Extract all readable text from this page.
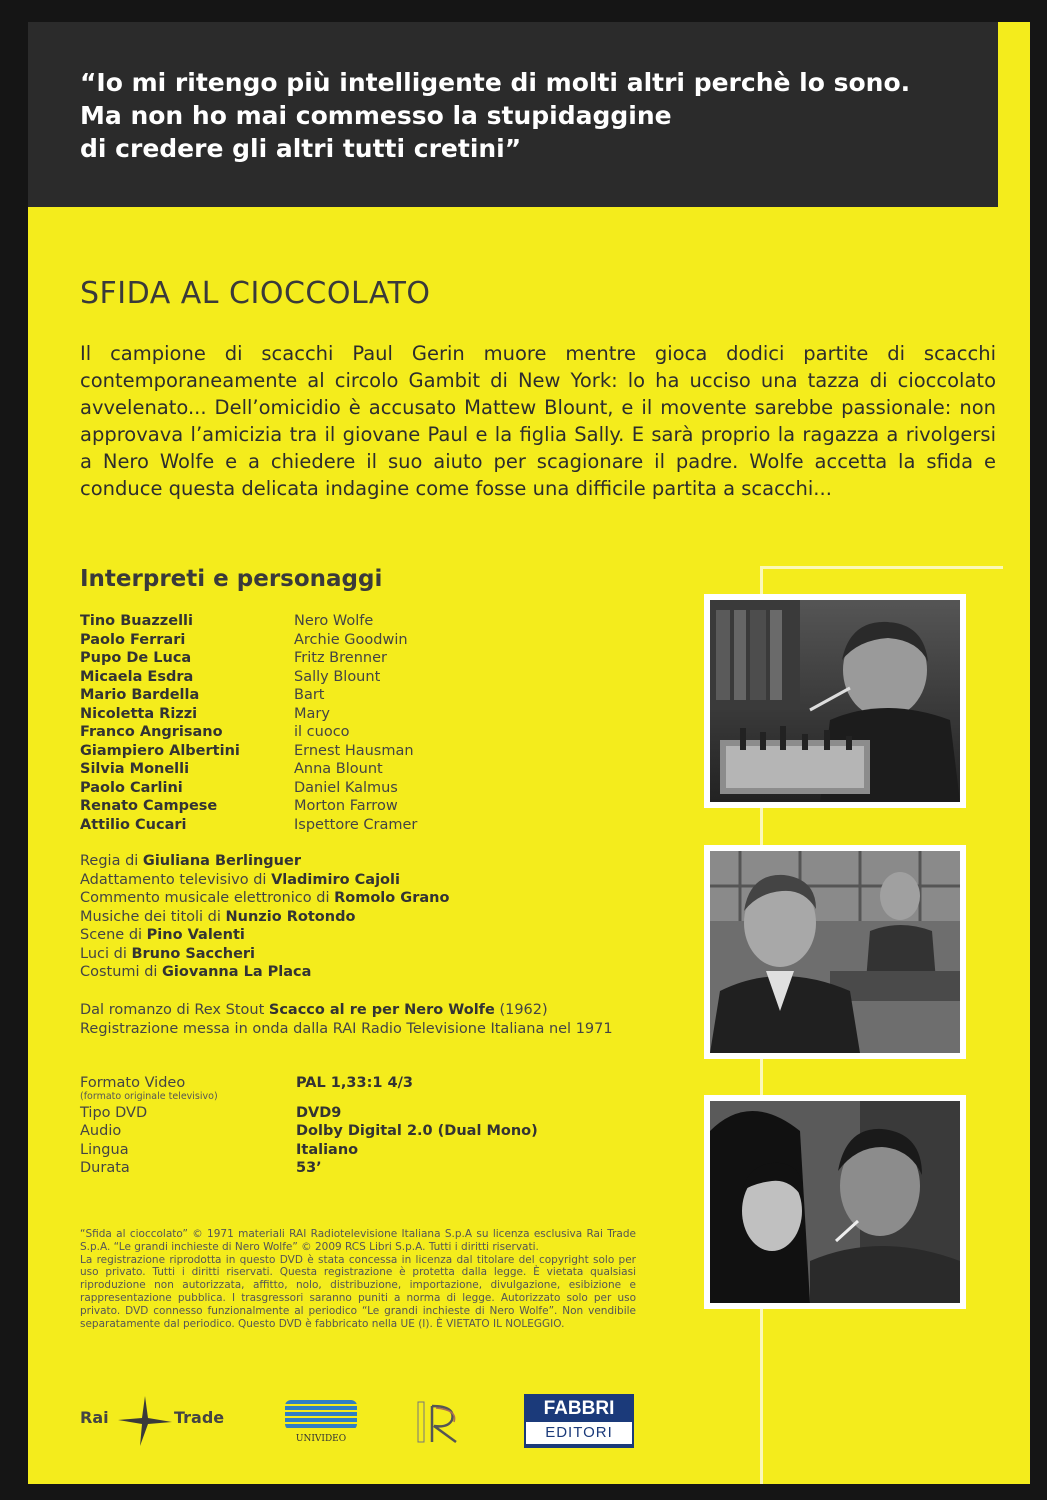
“Io mi ritengo più intelligente di molti altri perchè lo sono.
Ma non ho mai commesso la stupidaggine
di credere gli altri tutti cretini”

SFIDA AL CIOCCOLATO

Il campione di scacchi Paul Gerin muore mentre gioca dodici partite di scacchi contemporaneamente al circolo Gambit di New York: lo ha ucciso una tazza di cioccolato avvelenato... Dell’omicidio è accusato Mattew Blount, e il movente sarebbe passionale: non approvava l’amicizia tra il giovane Paul e la figlia Sally. E sarà proprio la ragazza a rivolgersi a Nero Wolfe e a chiedere il suo aiuto per scagionare il padre. Wolfe accetta la sfida e conduce questa delicata indagine come fosse una difficile partita a scacchi...

Interpreti e personaggi
Tino Buazzelli	Nero Wolfe
Paolo Ferrari	Archie Goodwin
Pupo De Luca	Fritz Brenner
Micaela Esdra	Sally Blount
Mario Bardella	Bart
Nicoletta Rizzi	Mary
Franco Angrisano	il cuoco
Giampiero Albertini	Ernest Hausman
Silvia Monelli	Anna Blount
Paolo Carlini	Daniel Kalmus
Renato Campese	Morton Farrow
Attilio Cucari	Ispettore Cramer
Regia di Giuliana Berlinguer
Adattamento televisivo di Vladimiro Cajoli
Commento musicale elettronico di Romolo Grano
Musiche dei titoli di Nunzio Rotondo
Scene di Pino Valenti
Luci di Bruno Saccheri
Costumi di Giovanna La Placa
Dal romanzo di Rex Stout Scacco al re per Nero Wolfe (1962)
Registrazione messa in onda dalla RAI Radio Televisione Italiana nel 1971
Formato Video	PAL 1,33:1 4/3
(formato originale televisivo)
Tipo DVD	DVD9
Audio	Dolby Digital 2.0 (Dual Mono)
Lingua	Italiano
Durata	53’

“Sfida al cioccolato” © 1971 materiali RAI Radiotelevisione Italiana S.p.A su licenza esclusiva Rai Trade S.p.A. “Le grandi inchieste di Nero Wolfe” © 2009 RCS Libri S.p.A. Tutti i diritti riservati.

La registrazione riprodotta in questo DVD è stata concessa in licenza dal titolare del copyright solo per uso privato. Tutti i diritti riservati. Questa registrazione è protetta dalla legge. È vietata qualsiasi riproduzione non autorizzata, affitto, nolo, distribuzione, importazione, divulgazione, esibizione e rappresentazione pubblica. I trasgressori saranno puniti a norma di legge. Autorizzato solo per uso privato. DVD connesso funzionalmente al periodico “Le grandi inchieste di Nero Wolfe”. Non vendibile separatamente dal periodico. Questo DVD è fabbricato nella UE (I). È VIETATO IL NOLEGGIO.

Rai	Trade
UNIVIDEO
FABBRI
EDITORI
